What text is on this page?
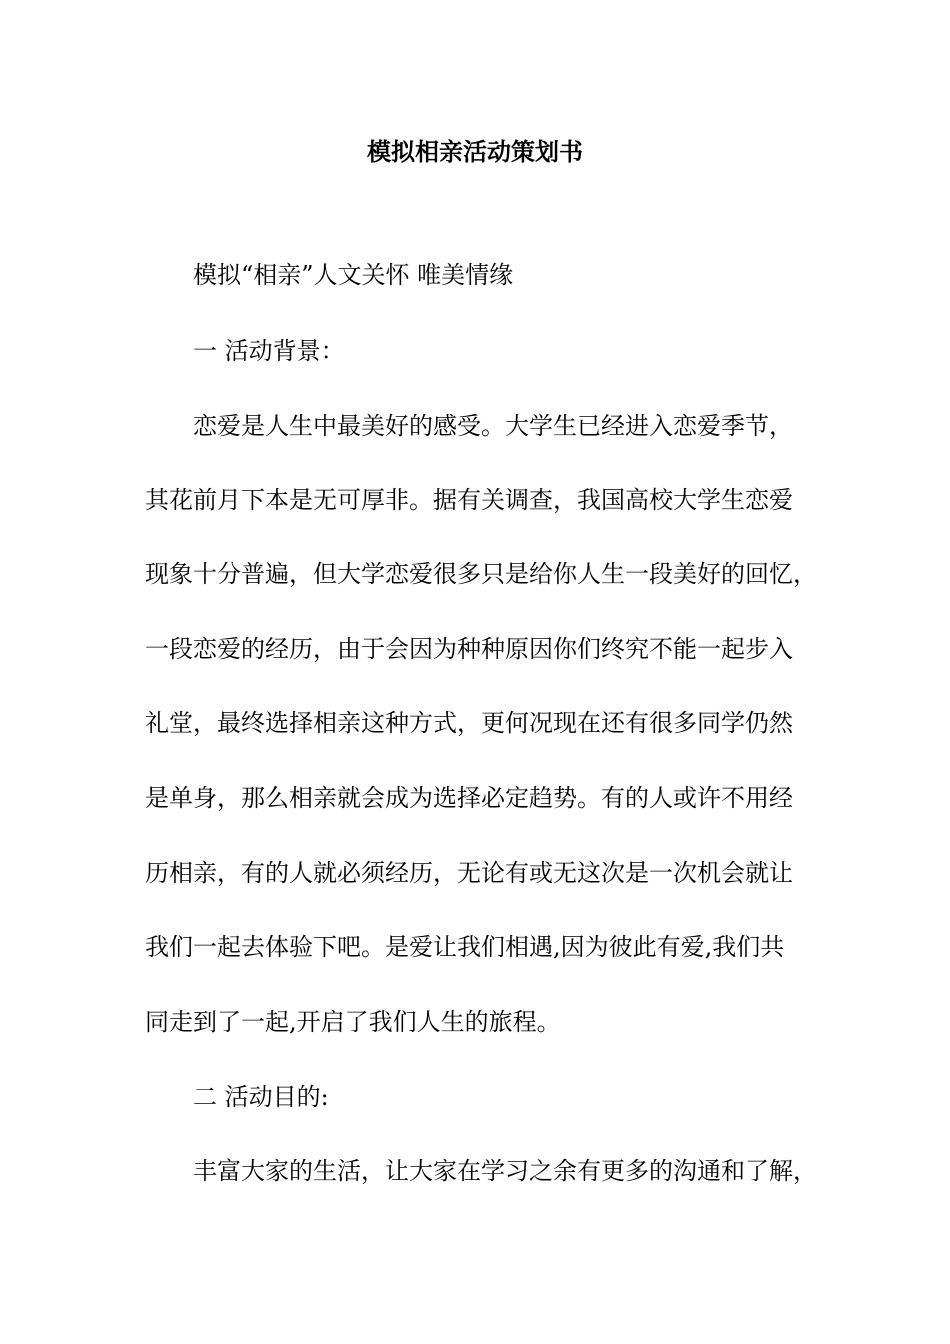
模拟相亲活动策划书
模拟“相亲”人文关怀 唯美情缘
一 活动背景：
恋爱是人生中最美好的感受。大学生已经进入恋爱季节，
其花前月下本是无可厚非。据有关调查，我国高校大学生恋爱
现象十分普遍，但大学恋爱很多只是给你人生一段美好的回忆，
一段恋爱的经历，由于会因为种种原因你们终究不能一起步入
礼堂，最终选择相亲这种方式，更何况现在还有很多同学仍然
是单身，那么相亲就会成为选择必定趋势。有的人或许不用经
历相亲，有的人就必须经历，无论有或无这次是一次机会就让
我们一起去体验下吧。是爱让我们相遇,因为彼此有爱,我们共
同走到了一起,开启了我们人生的旅程。
二 活动目的:
丰富大家的生活，让大家在学习之余有更多的沟通和了解，
